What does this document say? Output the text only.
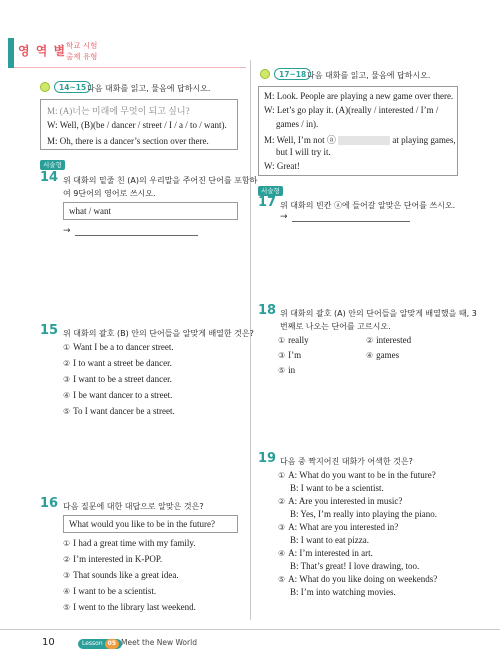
영 역 별 학교 시험
출제 유형
14~15 다음 대화를 읽고, 물음에 답하시오.
M: (A)너는 미래에 무엇이 되고 싶니?
W: Well, (B)(be / dancer / street / I / a / to / want).
M: Oh, there is a dancer’s section over there.
서술형
14 위 대화의 밑줄 친 (A)의 우리말을 주어진 단어를 포함하
여 9단어의 영어로 쓰시오.
what / want
→
15 위 대화의 괄호 (B) 안의 단어들을 알맞게 배열한 것은?
① Want I be a to dancer street.
② I to want a street be dancer.
③ I want to be a street dancer.
④ I be want dancer to a street.
⑤ To I want dancer be a street.
16 다음 질문에 대한 대답으로 알맞은 것은?
What would you like to be in the future?
① I had a great time with my family.
② I’m interested in K-POP.
③ That sounds like a great idea.
④ I want to be a scientist.
⑤ I went to the library last weekend.
17~18 다음 대화를 읽고, 물음에 답하시오.
M: Look. People are playing a new game over there.
W: Let’s go play it. (A)(really / interested / I’m /
games / in).
M: Well, I’m not ⓐ	at playing games,
but I will try it.
W: Great!
서술형
17 위 대화의 빈칸 ⓐ에 들어갈 알맞은 단어를 쓰시오.
→
18 위 대화의 괄호 (A) 안의 단어들을 알맞게 배열했을 때, 3
번째로 나오는 단어를 고르시오.
① really	② interested
③ I’m	④ games
⑤ in
19 다음 중 짝지어진 대화가 어색한 것은?
① A: What do you want to be in the future?
B: I want to be a scientist.
② A: Are you interested in music?
B: Yes, I’m really into playing the piano.
③ A: What are you interested in?
B: I want to eat pizza.
④ A: I’m interested in art.
B: That’s great! I love drawing, too.
⑤ A: What do you like doing on weekends?
B: I’m into watching movies.
10	Lesson 05 Meet the New World
